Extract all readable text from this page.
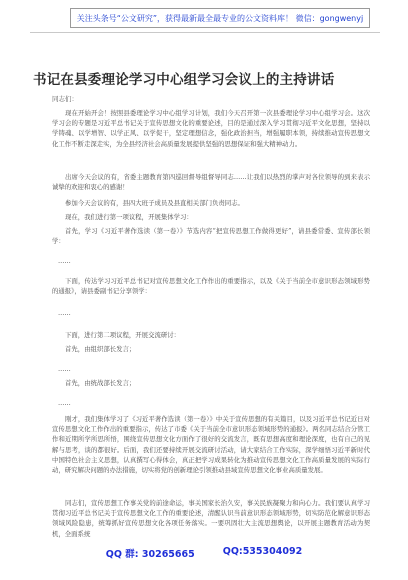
关注头条号“公文研究”，获得最新最全最专业的公文资料库！ 微信：gongwenyj
书记在县委理论学习中心组学习会议上的主持讲话
同志们：
现在开始开会！按照县委理论学习中心组学习计划，我们今天召开第一次县委理论学习中心组学习会。这次学习会的专题是习近平总书记关于宣传思想文化的重要论述，目的是通过深入学习贯彻习近平文化思想，坚持以学铸魂、以学增智、以学正风、以学促干，坚定理想信念，强化政治担当，增强履职本领，持续推动宣传思想文化工作不断走深走实，为全县经济社会高质量发展提供坚强的思想保证和强大精神动力。
出席今天会议的有，省委主题教育第四巡回督导组督导同志……让我们以热烈的掌声对各位领导的到来表示诚挚的欢迎和衷心的感谢！
参加今天会议的有，县四大班子成员及县直相关部门负责同志。
现在，我们进行第一项议程，开展集体学习：
首先，学习《习近平著作选读（第一卷）》节选内容“把宣传思想工作做得更好”，请县委常委、宣传部长领学：
……
下面，传达学习习近平总书记对宣传思想文化工作作出的重要指示，以及《关于当前全市意识形态领域形势的通报》，请县委副书记分享领学：
……
下面，进行第二项议程，开展交流研讨：
首先，由组织部长发言；
……
首先，由统战部长发言；
……
刚才，我们集体学习了《习近平著作选读（第一卷）》中关于宣传思想的有关篇目，以及习近平总书记近日对宣传思想文化工作作出的重要指示，传达了市委《关于当前全市意识形态领域形势的通报》。两名同志结合分管工作和近期所学所思所悟，围绕宣传思想文化方面作了很好的交流发言，既有思想高度和理论深度，也有自己的见解与思考，谈的都很好。后面，我们还要持续开展交流研讨活动，请大家结合工作实际，深学细悟习近平新时代中国特色社会主义思想，认真撰写心得体会，真正把学习成果转化为推动宣传思想文化工作高质量发展的实际行动，研究解决问题的办法措施，切实将党的创新理论引领推动县域宣传思想文化事业高质量发展。
同志们，宣传思想工作事关党的前途命运，事关国家长治久安，事关民族凝聚力和向心力。我们要认真学习贯彻习近平总书记关于宣传思想文化工作的重要论述，清醒认识当前意识形态领域形势，切实防范化解意识形态领域风险隐患，统筹抓好宣传思想文化各项任务落实。一要巩固壮大主流思想舆论，以开展主题教育活动为契机，全面系统
QQ 群: 30265665	QQ:535304092
